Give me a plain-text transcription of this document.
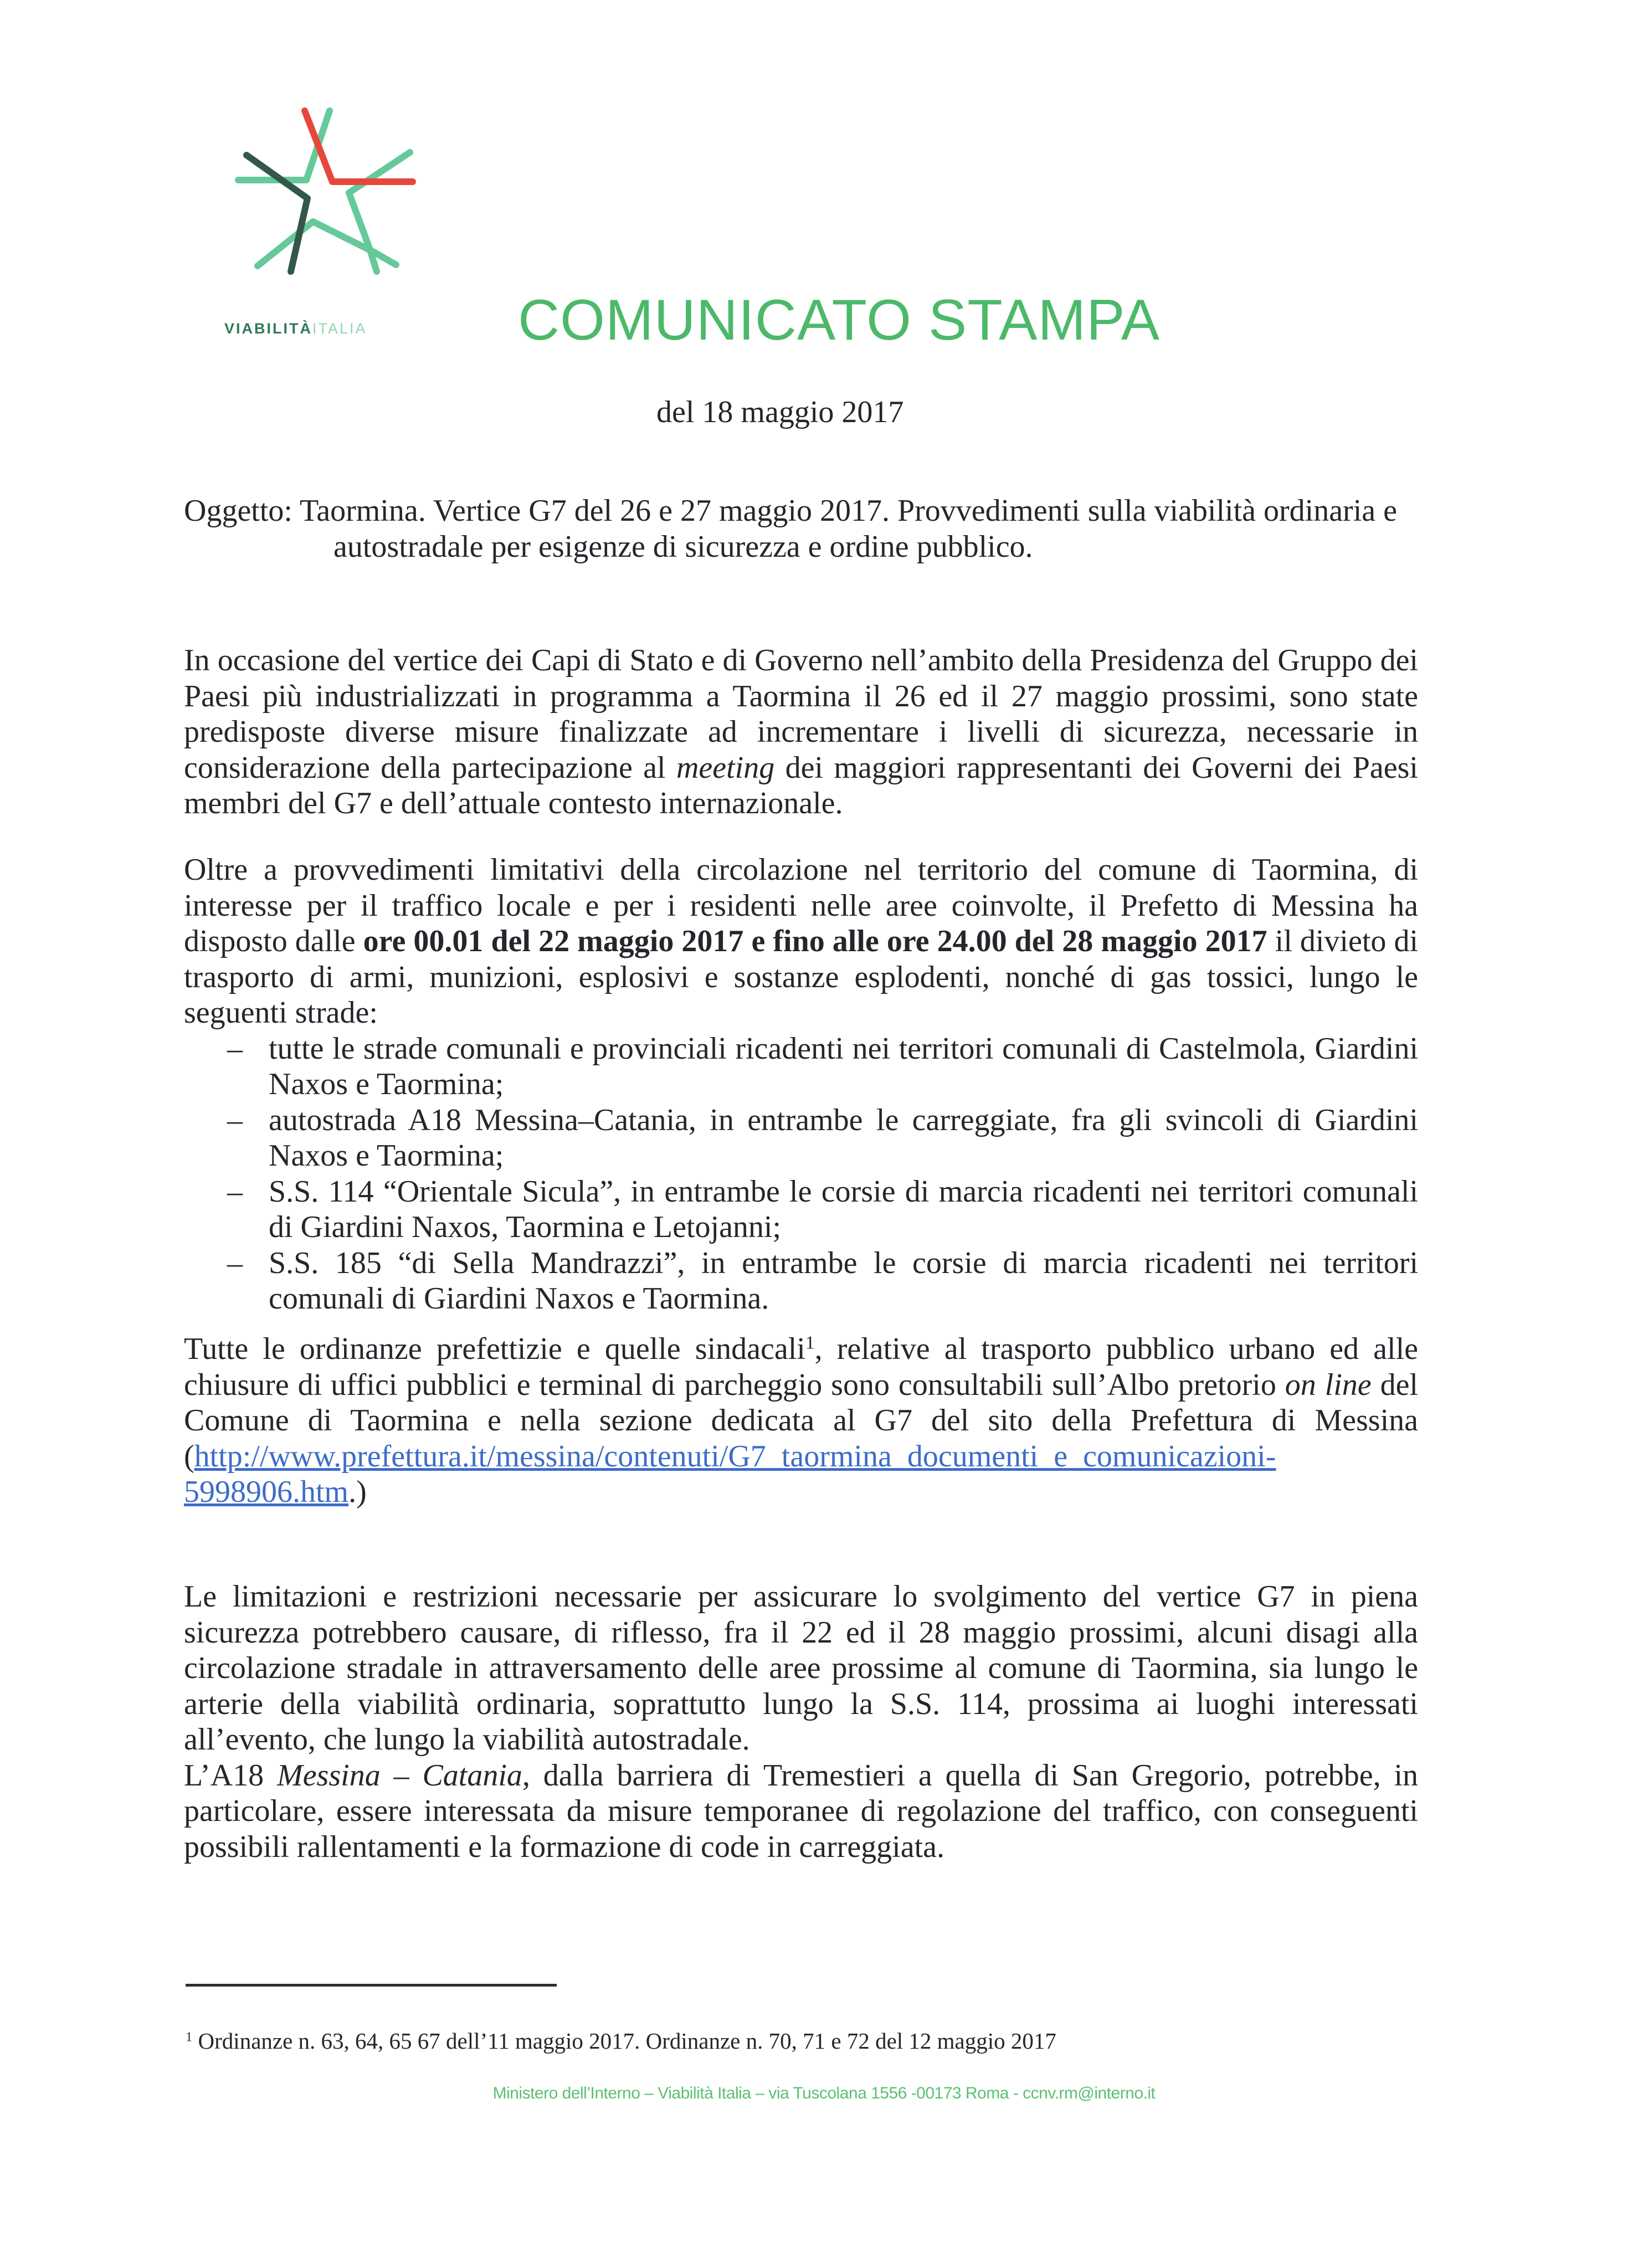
VIABILITÀITALIA	COMUNICATO STAMPA
del 18 maggio 2017
Oggetto: Taormina. Vertice G7 del 26 e 27 maggio 2017. Provvedimenti sulla viabilità ordinaria e
autostradale per esigenze di sicurezza e ordine pubblico.
In occasione del vertice dei Capi di Stato e di Governo nell’ambito della Presidenza del Gruppo dei Paesi più industrializzati in programma a Taormina il 26 ed il 27 maggio prossimi, sono state predisposte diverse misure finalizzate ad incrementare i livelli di sicurezza, necessarie in considerazione della partecipazione al meeting dei maggiori rappresentanti dei Governi dei Paesi membri del G7 e dell’attuale contesto internazionale.
Oltre a provvedimenti limitativi della circolazione nel territorio del comune di Taormina, di interesse per il traffico locale e per i residenti nelle aree coinvolte, il Prefetto di Messina ha disposto dalle ore 00.01 del 22 maggio 2017 e fino alle ore 24.00 del 28 maggio 2017 il divieto di trasporto di armi, munizioni, esplosivi e sostanze esplodenti, nonché di gas tossici, lungo le seguenti strade:
– tutte le strade comunali e provinciali ricadenti nei territori comunali di Castelmola, Giardini Naxos e Taormina;
– autostrada A18 Messina–Catania, in entrambe le carreggiate, fra gli svincoli di Giardini Naxos e Taormina;
– S.S. 114 “Orientale Sicula”, in entrambe le corsie di marcia ricadenti nei territori comunali di Giardini Naxos, Taormina e Letojanni;
– S.S. 185 “di Sella Mandrazzi”, in entrambe le corsie di marcia ricadenti nei territori comunali di Giardini Naxos e Taormina.
Tutte le ordinanze prefettizie e quelle sindacali$^1$, relative al trasporto pubblico urbano ed alle chiusure di uffici pubblici e terminal di parcheggio sono consultabili sull’Albo pretorio on line del Comune di Taormina e nella sezione dedicata al G7 del sito della Prefettura di Messina (http://www.prefettura.it/messina/contenuti/G7_taormina_documenti_e_comunicazioni-5998906.htm.)
Le limitazioni e restrizioni necessarie per assicurare lo svolgimento del vertice G7 in piena sicurezza potrebbero causare, di riflesso, fra il 22 ed il 28 maggio prossimi, alcuni disagi alla circolazione stradale in attraversamento delle aree prossime al comune di Taormina, sia lungo le arterie della viabilità ordinaria, soprattutto lungo la S.S. 114, prossima ai luoghi interessati all’evento, che lungo la viabilità autostradale.
L’A18 Messina – Catania, dalla barriera di Tremestieri a quella di San Gregorio, potrebbe, in particolare, essere interessata da misure temporanee di regolazione del traffico, con conseguenti possibili rallentamenti e la formazione di code in carreggiata.
$^1$ Ordinanze n. 63, 64, 65 67 dell’11 maggio 2017. Ordinanze n. 70, 71 e 72 del 12 maggio 2017
Ministero dell’Interno – Viabilità Italia – via Tuscolana 1556 -00173 Roma - ccnv.rm@interno.it
